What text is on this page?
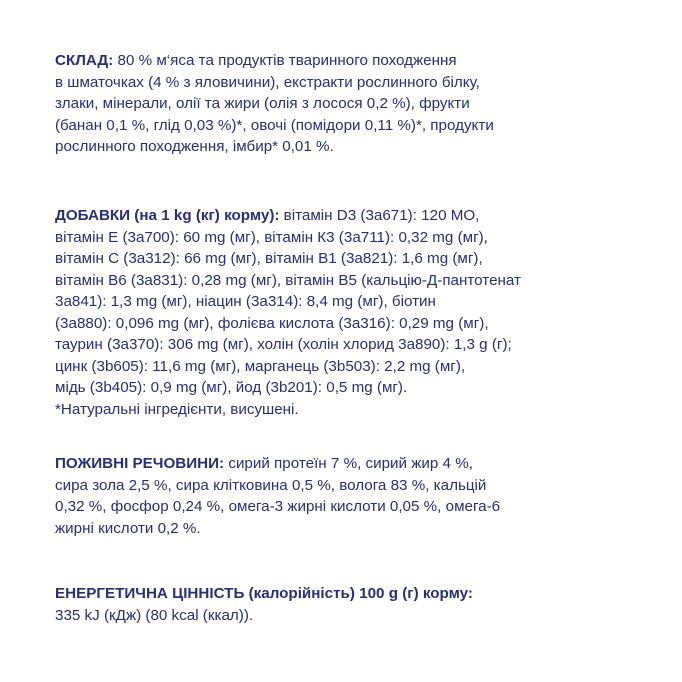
СКЛАД: 80 % м‘яса та продуктів тваринного походження
в шматочках (4 % з яловичини), екстракти рослинного білку,
злаки, мінерали, олії та жири (олія з лосося 0,2 %), фрукти
(банан 0,1 %, глід 0,03 %)*, овочі (помідори 0,11 %)*, продукти
рослинного походження, імбир* 0,01 %.

ДОБАВКИ (на 1 kg (кг) корму): вітамін D3 (3a671): 120 МО,
вітамін Е (3a700): 60 mg (мг), вітамін К3 (3a711): 0,32 mg (мг),
вітамін С (3a312): 66 mg (мг), вітамін В1 (3a821): 1,6 mg (мг),
вітамін В6 (3a831): 0,28 mg (мг), вітамін В5 (кальцію-Д-пантотенат
3a841): 1,3 mg (мг), ніацин (3a314): 8,4 mg (мг), біотин
(3a880): 0,096 mg (мг), фолієва кислота (3a316): 0,29 mg (мг),
таурин (3a370): 306 mg (мг), холін (холін хлорид 3a890): 1,3 g (г);
цинк (3b605): 11,6 mg (мг), марганець (3b503): 2,2 mg (мг),
мідь (3b405): 0,9 mg (мг), йод (3b201): 0,5 mg (мг).
*Натуральні інгредієнти, висушені.

ПОЖИВНІ РЕЧОВИНИ: сирий протеїн 7 %, сирий жир 4 %,
сира зола 2,5 %, сира клітковина 0,5 %, волога 83 %, кальцій
0,32 %, фосфор 0,24 %, омега-3 жирні кислоти 0,05 %, омега-6
жирні кислоти 0,2 %.

ЕНЕРГЕТИЧНА ЦІННІСТЬ (калорійність) 100 g (г) корму:
335 kJ (кДж) (80 kcal (ккал)).
